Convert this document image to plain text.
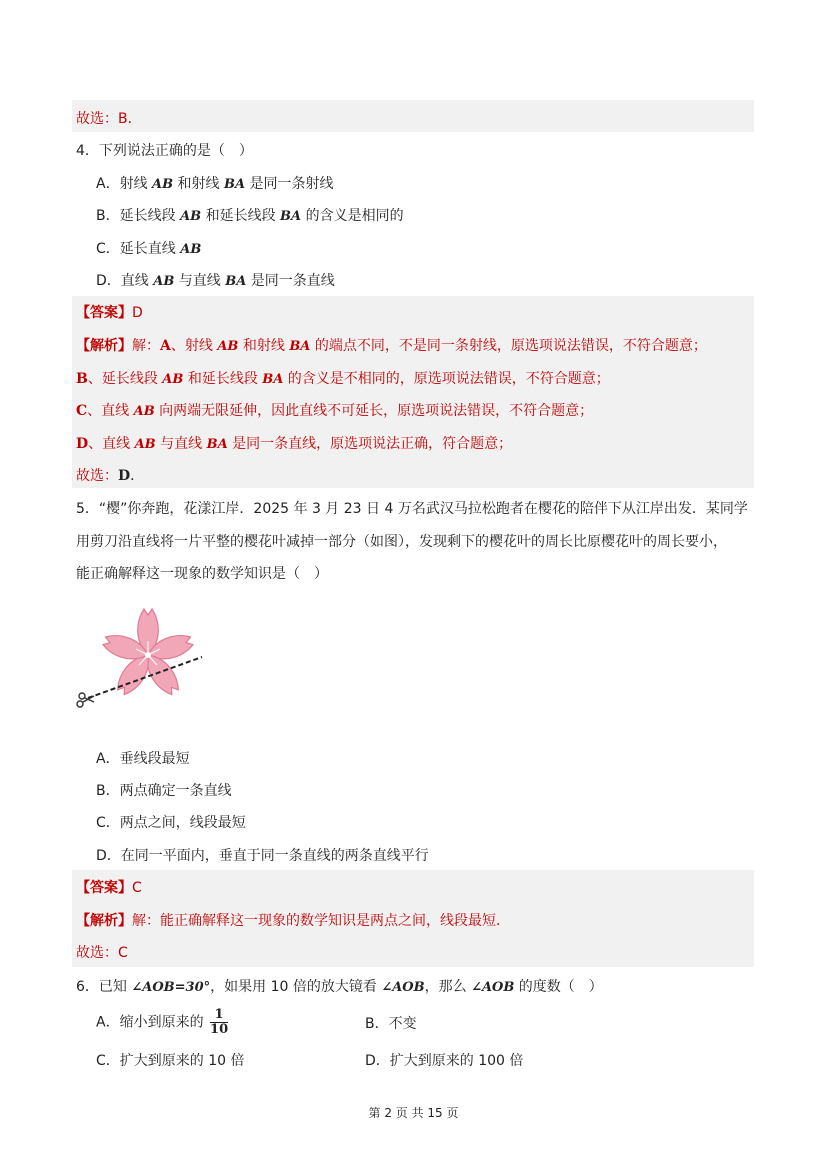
故选：B．
4．下列说法正确的是（　）
A．射线 AB 和射线 BA 是同一条射线
B．延长线段 AB 和延长线段 BA 的含义是相同的
C．延长直线 AB
D．直线 AB 与直线 BA 是同一条直线
【答案】D
【解析】解：A、射线 AB 和射线 BA 的端点不同，不是同一条射线，原选项说法错误，不符合题意；
B、延长线段 AB 和延长线段 BA 的含义是不相同的，原选项说法错误，不符合题意；
C、直线 AB 向两端无限延伸，因此直线不可延长，原选项说法错误，不符合题意；
D、直线 AB 与直线 BA 是同一条直线，原选项说法正确，符合题意；
故选：D．
5．“樱”你奔跑，花漾江岸．2025 年 3 月 23 日 4 万名武汉马拉松跑者在樱花的陪伴下从江岸出发．某同学
用剪刀沿直线将一片平整的樱花叶减掉一部分（如图），发现剩下的樱花叶的周长比原樱花叶的周长要小，
能正确解释这一现象的数学知识是（　）
A．垂线段最短
B．两点确定一条直线
C．两点之间，线段最短
D．在同一平面内，垂直于同一条直线的两条直线平行
【答案】C
【解析】解：能正确解释这一现象的数学知识是两点之间，线段最短．
故选：C
6．已知 ∠AOB=30°，如果用 10 倍的放大镜看 ∠AOB，那么 ∠AOB 的度数（　）
A．缩小到原来的 $\frac{1}{10}$	B．不变
C．扩大到原来的 10 倍	D．扩大到原来的 100 倍
第 2 页 共 15 页
